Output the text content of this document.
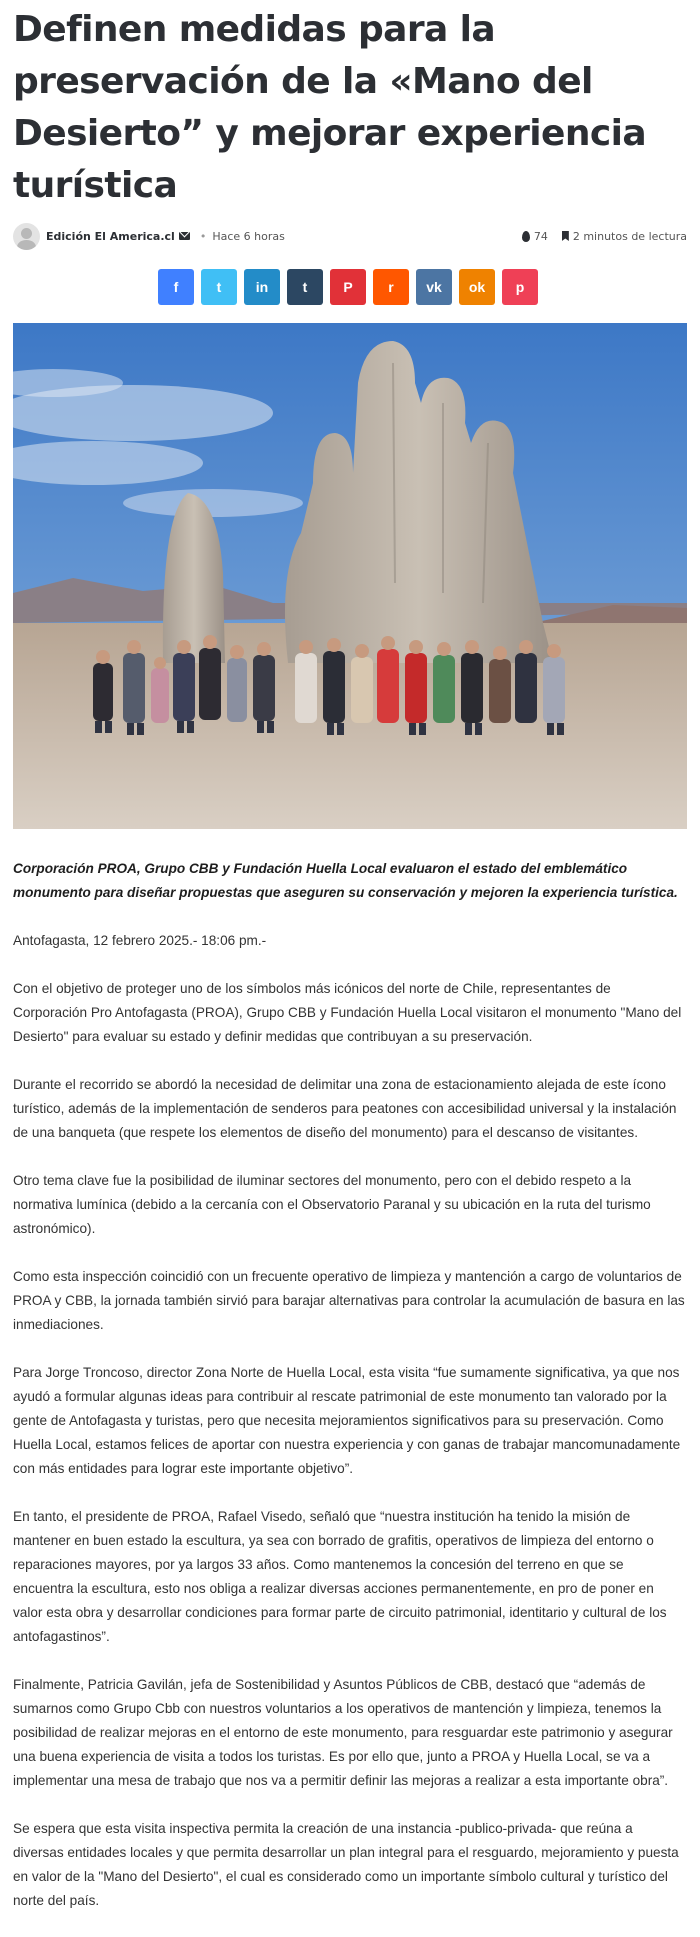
Definen medidas para la preservación de la «Mano del Desierto” y mejorar experiencia turística
Edición El America.cl • Hace 6 horas	74 2 minutos de lectura
f	t	in	t	P	r	vk	ok	p

Corporación PROA, Grupo CBB y Fundación Huella Local evaluaron el estado del emblemático monumento para diseñar propuestas que aseguren su conservación y mejoren la experiencia turística.

Antofagasta, 12 febrero 2025.- 18:06 pm.-

Con el objetivo de proteger uno de los símbolos más icónicos del norte de Chile, representantes de Corporación Pro Antofagasta (PROA), Grupo CBB y Fundación Huella Local visitaron el monumento "Mano del Desierto" para evaluar su estado y definir medidas que contribuyan a su preservación.

Durante el recorrido se abordó la necesidad de delimitar una zona de estacionamiento alejada de este ícono turístico, además de la implementación de senderos para peatones con accesibilidad universal y la instalación de una banqueta (que respete los elementos de diseño del monumento) para el descanso de visitantes.

Otro tema clave fue la posibilidad de iluminar sectores del monumento, pero con el debido respeto a la normativa lumínica (debido a la cercanía con el Observatorio Paranal y su ubicación en la ruta del turismo astronómico).

Como esta inspección coincidió con un frecuente operativo de limpieza y mantención a cargo de voluntarios de PROA y CBB, la jornada también sirvió para barajar alternativas para controlar la acumulación de basura en las inmediaciones.

Para Jorge Troncoso, director Zona Norte de Huella Local, esta visita “fue sumamente significativa, ya que nos ayudó a formular algunas ideas para contribuir al rescate patrimonial de este monumento tan valorado por la gente de Antofagasta y turistas, pero que necesita mejoramientos significativos para su preservación. Como Huella Local, estamos felices de aportar con nuestra experiencia y con ganas de trabajar mancomunadamente con más entidades para lograr este importante objetivo”.

En tanto, el presidente de PROA, Rafael Visedo, señaló que “nuestra institución ha tenido la misión de mantener en buen estado la escultura, ya sea con borrado de grafitis, operativos de limpieza del entorno o reparaciones mayores, por ya largos 33 años. Como mantenemos la concesión del terreno en que se encuentra la escultura, esto nos obliga a realizar diversas acciones permanentemente, en pro de poner en valor esta obra y desarrollar condiciones para formar parte de circuito patrimonial, identitario y cultural de los antofagastinos”.

Finalmente, Patricia Gavilán, jefa de Sostenibilidad y Asuntos Públicos de CBB, destacó que “además de sumarnos como Grupo Cbb con nuestros voluntarios a los operativos de mantención y limpieza, tenemos la posibilidad de realizar mejoras en el entorno de este monumento, para resguardar este patrimonio y asegurar una buena experiencia de visita a todos los turistas. Es por ello que, junto a PROA y Huella Local, se va a implementar una mesa de trabajo que nos va a permitir definir las mejoras a realizar a esta importante obra”.

Se espera que esta visita inspectiva permita la creación de una instancia -publico-privada- que reúna a diversas entidades locales y que permita desarrollar un plan integral para el resguardo, mejoramiento y puesta en valor de la "Mano del Desierto", el cual es considerado como un importante símbolo cultural y turístico del norte del país.
